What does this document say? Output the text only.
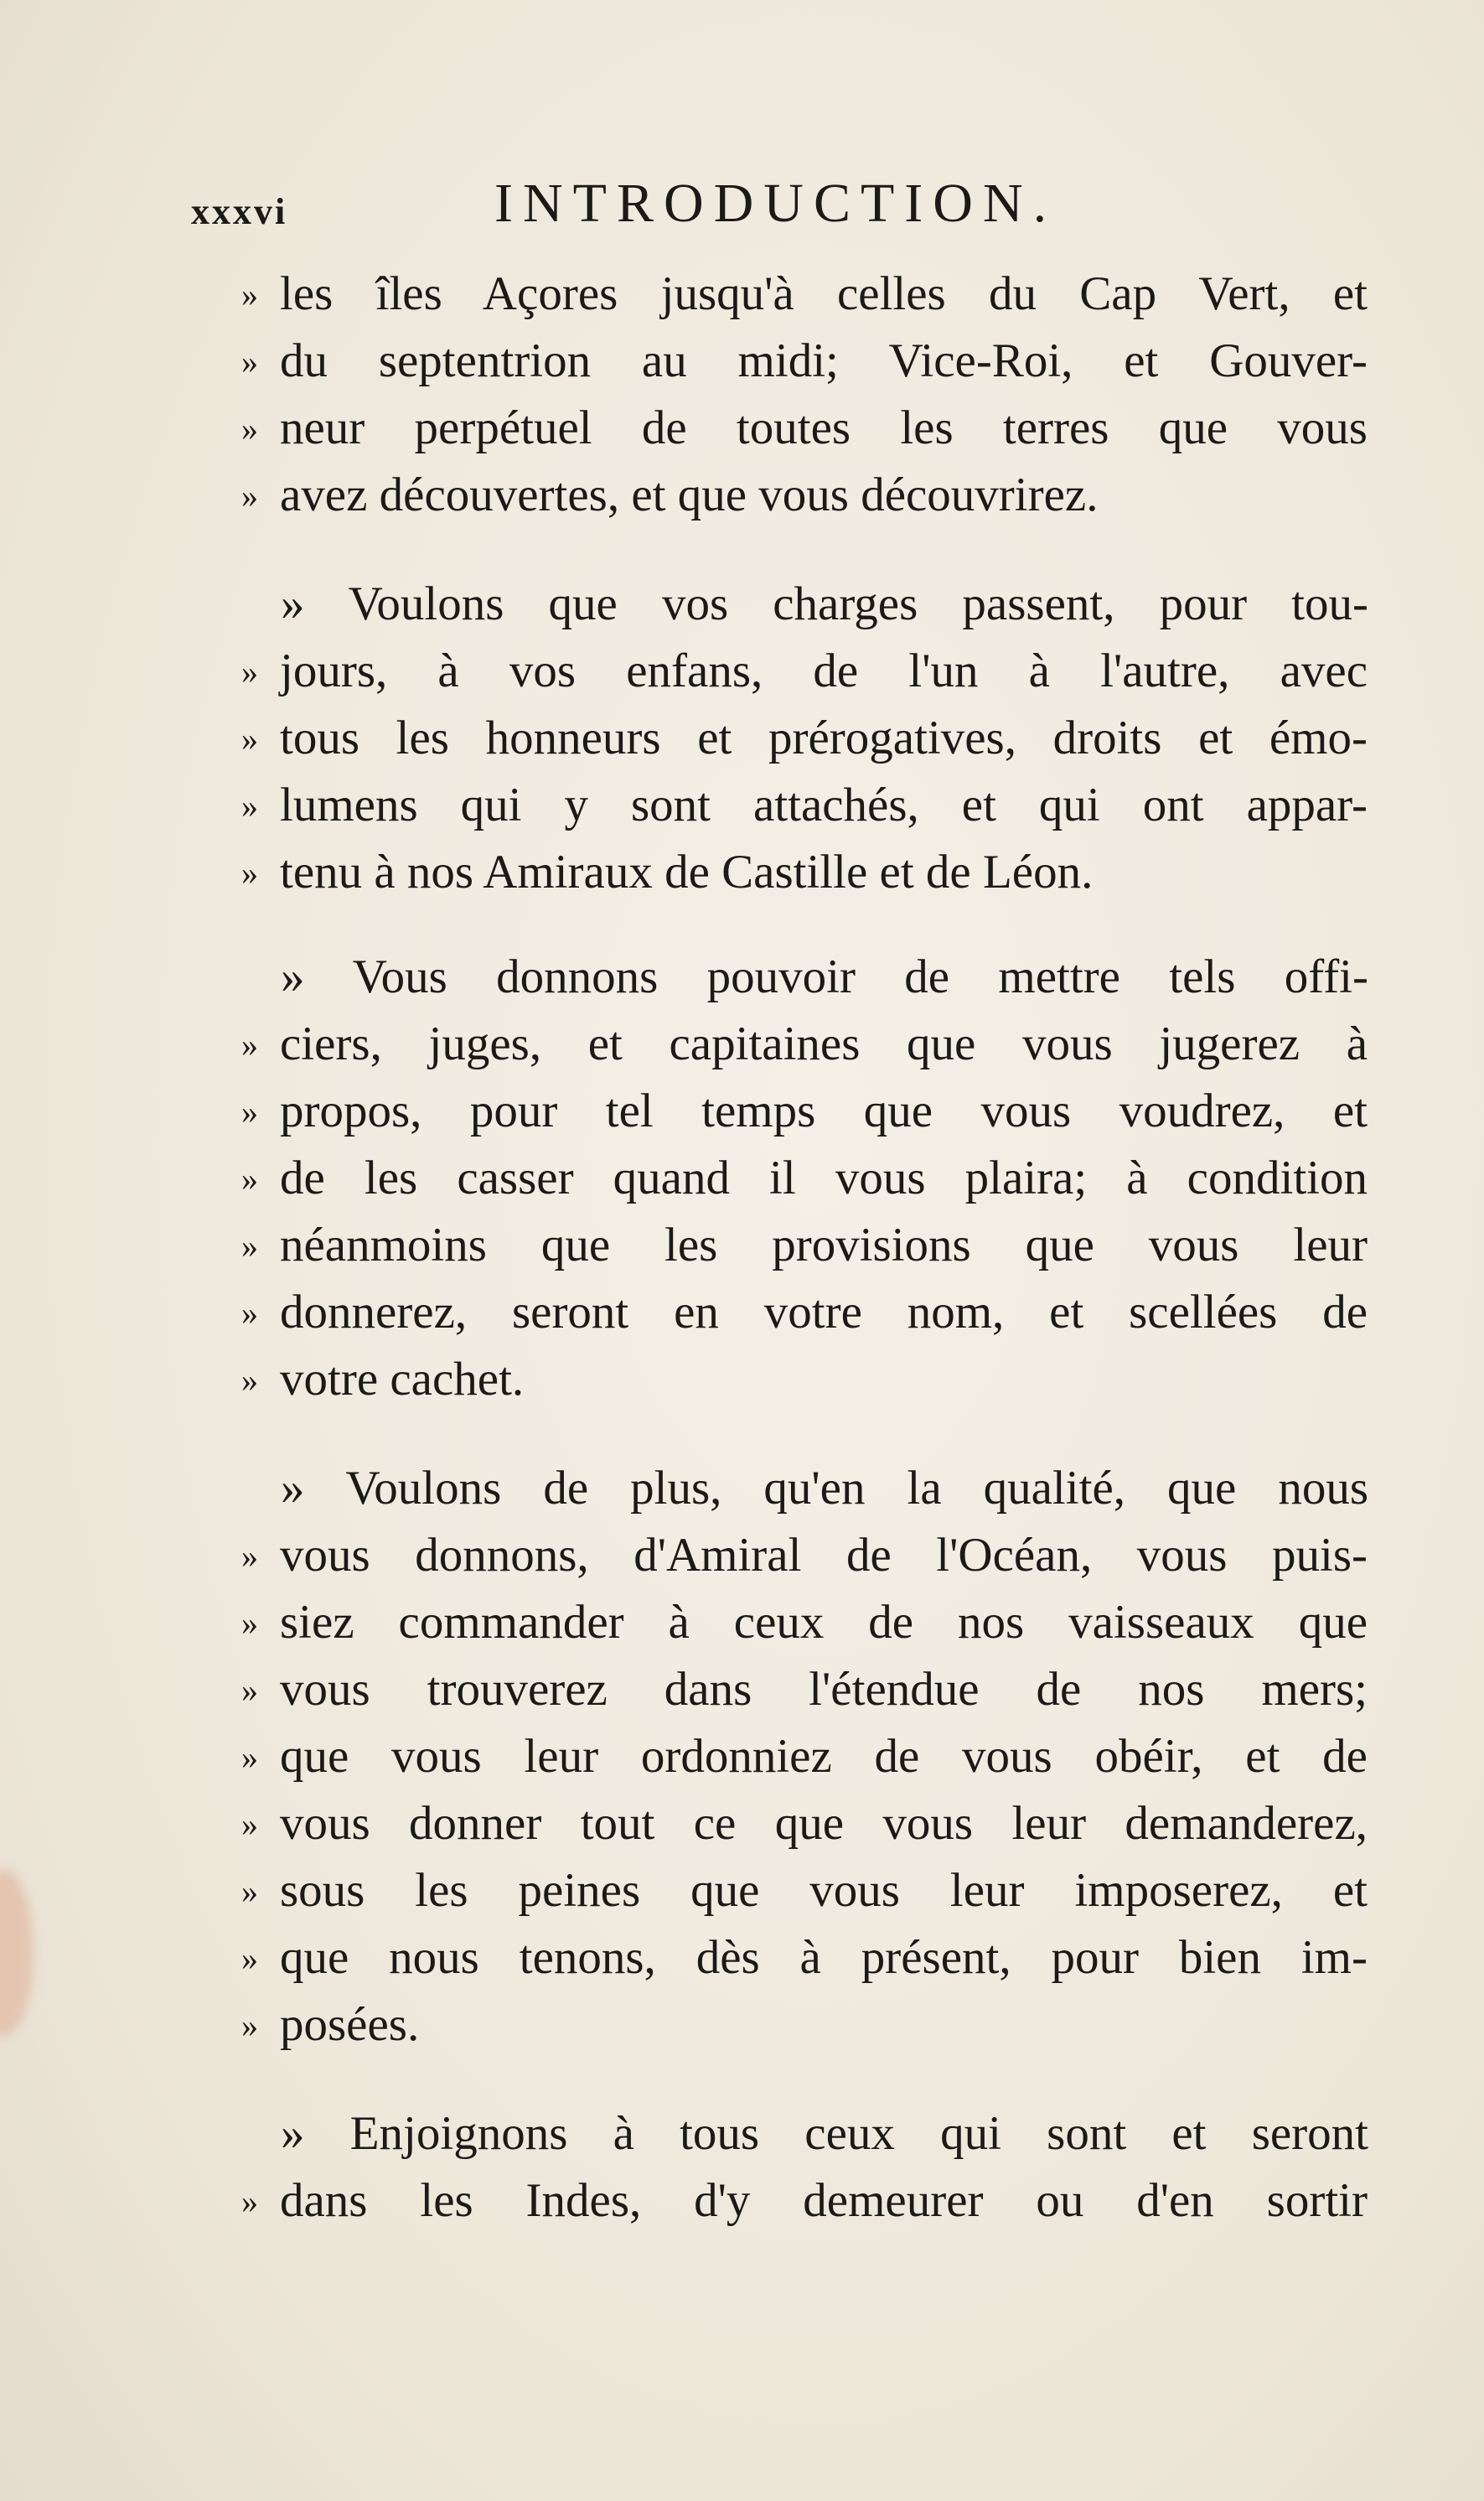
xxxvi	INTRODUCTION.
» les îles Açores jusqu'à celles du Cap Vert, et
» du septentrion au midi; Vice-Roi, et Gouver-
» neur perpétuel de toutes les terres que vous
» avez découvertes, et que vous découvrirez.
» Voulons que vos charges passent, pour tou-
» jours, à vos enfans, de l'un à l'autre, avec
» tous les honneurs et prérogatives, droits et émo-
» lumens qui y sont attachés, et qui ont appar-
» tenu à nos Amiraux de Castille et de Léon.
» Vous donnons pouvoir de mettre tels offi-
» ciers, juges, et capitaines que vous jugerez à
» propos, pour tel temps que vous voudrez, et
» de les casser quand il vous plaira; à condition
» néanmoins que les provisions que vous leur
» donnerez, seront en votre nom, et scellées de
» votre cachet.
» Voulons de plus, qu'en la qualité, que nous
» vous donnons, d'Amiral de l'Océan, vous puis-
» siez commander à ceux de nos vaisseaux que
» vous trouverez dans l'étendue de nos mers;
» que vous leur ordonniez de vous obéir, et de
» vous donner tout ce que vous leur demanderez,
» sous les peines que vous leur imposerez, et
» que nous tenons, dès à présent, pour bien im-
» posées.
» Enjoignons à tous ceux qui sont et seront
» dans les Indes, d'y demeurer ou d'en sortir
